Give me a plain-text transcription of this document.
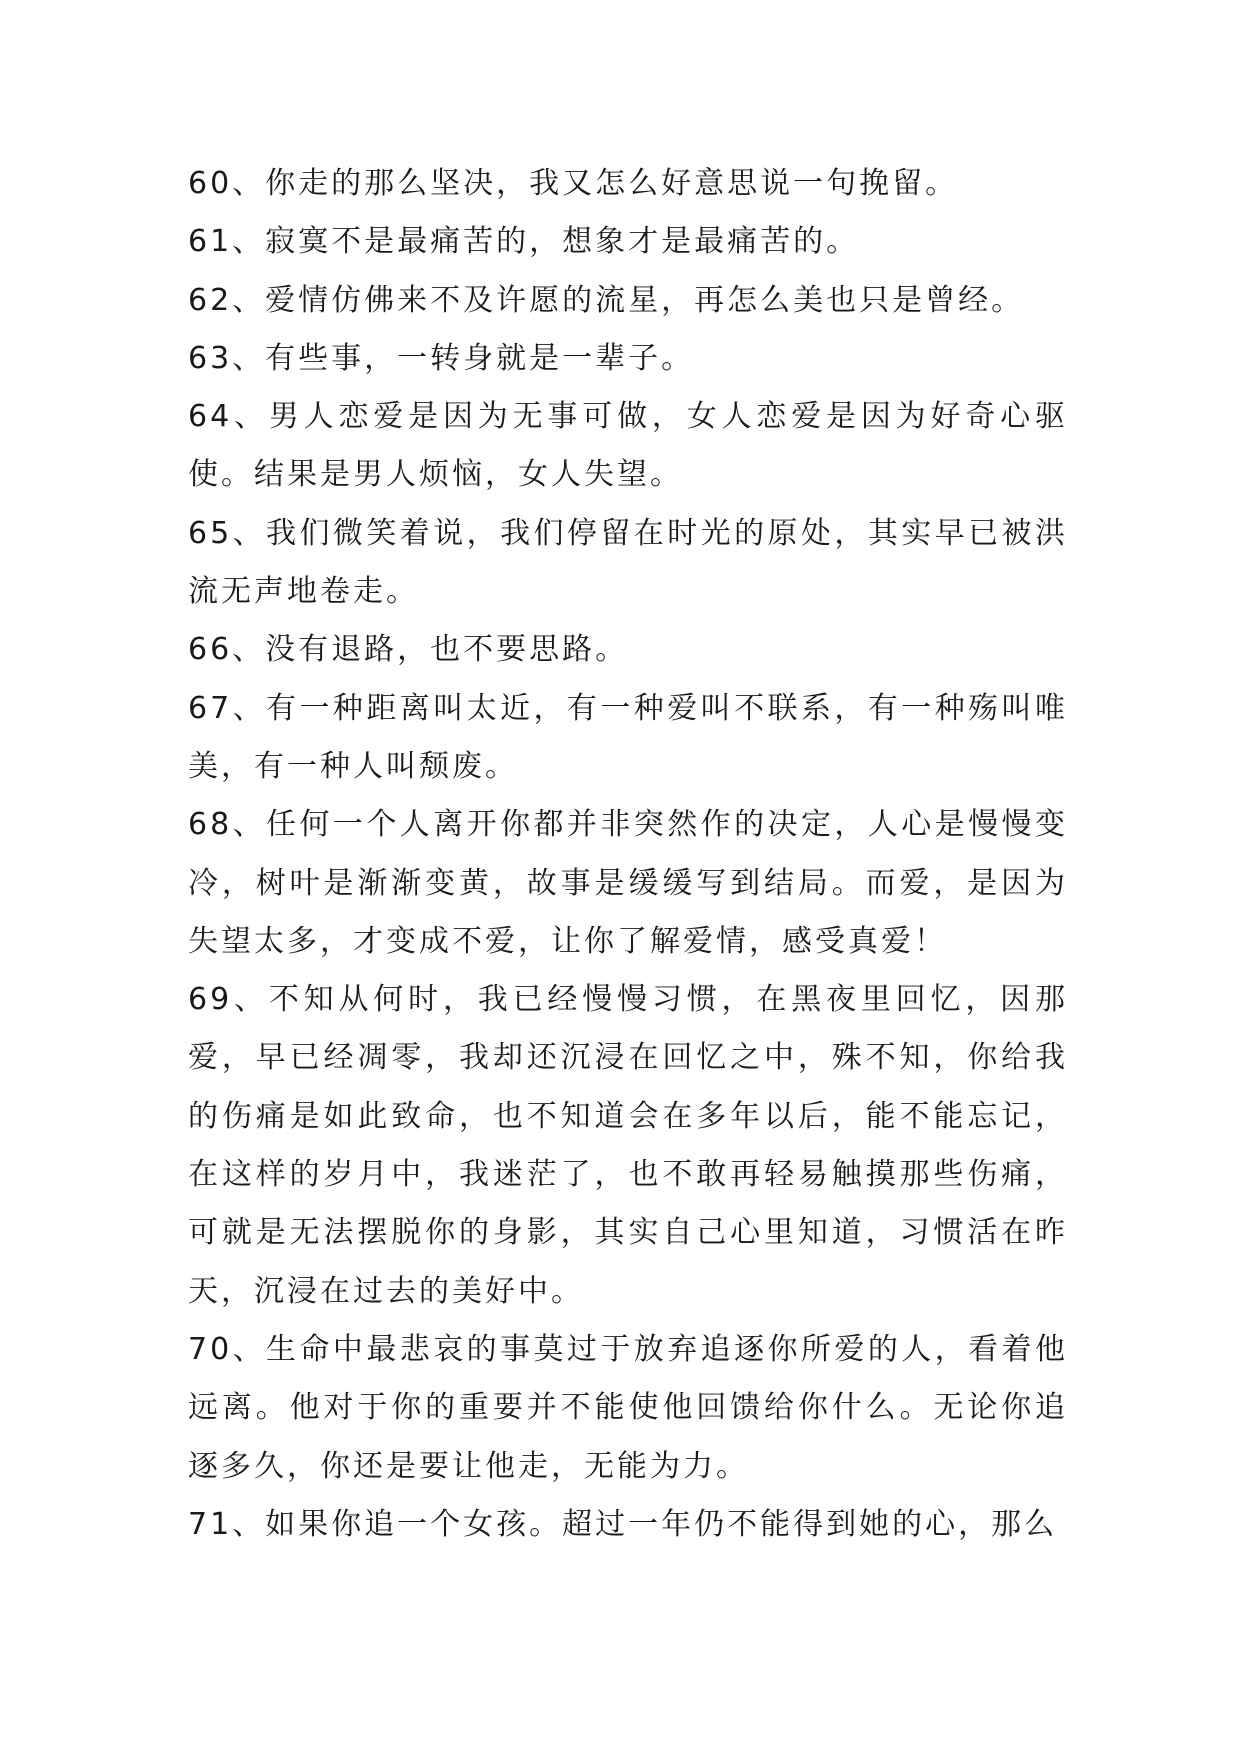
60、你走的那么坚决，我又怎么好意思说一句挽留。

61、寂寞不是最痛苦的，想象才是最痛苦的。

62、爱情仿佛来不及许愿的流星，再怎么美也只是曾经。

63、有些事，一转身就是一辈子。

64、男人恋爱是因为无事可做，女人恋爱是因为好奇心驱使。结果是男人烦恼，女人失望。

65、我们微笑着说，我们停留在时光的原处，其实早已被洪流无声地卷走。

66、没有退路，也不要思路。

67、有一种距离叫太近，有一种爱叫不联系，有一种殇叫唯美，有一种人叫颓废。

68、任何一个人离开你都并非突然作的决定，人心是慢慢变冷，树叶是渐渐变黄，故事是缓缓写到结局。而爱，是因为失望太多，才变成不爱，让你了解爱情，感受真爱！

69、不知从何时，我已经慢慢习惯，在黑夜里回忆，因那爱，早已经凋零，我却还沉浸在回忆之中，殊不知，你给我的伤痛是如此致命，也不知道会在多年以后，能不能忘记，在这样的岁月中，我迷茫了，也不敢再轻易触摸那些伤痛，可就是无法摆脱你的身影，其实自己心里知道，习惯活在昨天，沉浸在过去的美好中。

70、生命中最悲哀的事莫过于放弃追逐你所爱的人，看着他远离。他对于你的重要并不能使他回馈给你什么。无论你追逐多久，你还是要让他走，无能为力。

71、如果你追一个女孩。超过一年仍不能得到她的心，那么
